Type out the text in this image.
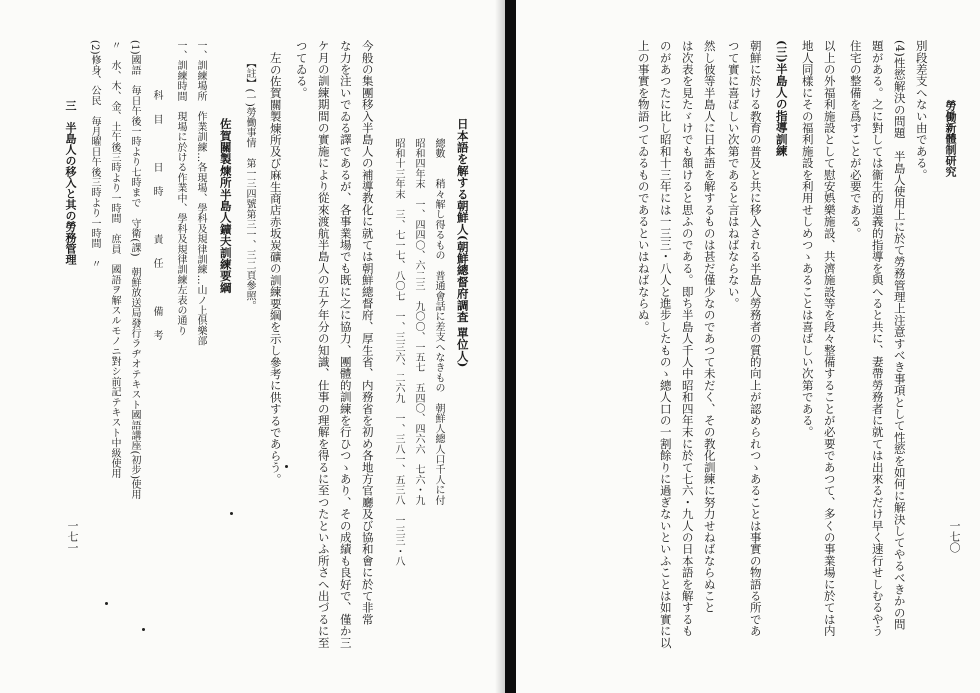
日本語を解する朝鮮人(朝鮮總督府調査 單位人)
總數　　稍々解し得るもの　普通會話に差支へなきもの　朝鮮人總人口千人に付
昭和四年末　一、四四〇、六二三　九〇〇、一五七　五四〇、四六六　七六・九
昭和十三年末　三、七一七、八〇七　一、三三六、二六九　一、三八一、五三八　一三三・八
今般の集團移入半島人の補導教化に就ては朝鮮總督府、厚生省、内務省を初め各地方官廳及び協和會に於て非常
な力を注いでゐる譯であるが、各事業場でも既に之に協力、團體的訓練を行ひつゝあり、その成績も良好で、僅か三
ケ月の訓練期間の實施により從來渡航半島人の五ケ年分の知識、仕事の理解を得るに至つたといふ所さへ出づるに至
つてゐる。
左の佐賀關製煉所及び麻生商店赤坂炭礦の訓練要綱を示し參考に供するであらう。
【註】(一)勞働事情　第一三四號第三一、三二頁參照。
佐賀關製煉所半島人鑛夫訓練要綱
一、訓練場所　作業訓練…各現場、學科及規律訓練…山ノ上倶樂部
一、訓練時間　現場に於ける作業中、學科及規律訓練左表の通り
科目　日時　責任　備考
(1)國語　毎日午後一時より七時まで　守衛(課)　朝鮮放送局發行ラヂオテキスト國語講座(初步)使用
〃　水、木、金、土午後三時より一時間　庶員　國語ヲ解スルモノニ對シ前記テキスト中級使用
(2)修身、公民　毎月曜日午後三時より一時間　〃
三　半島人の移入と其の勞務管理
一七一
勞働新體制研究
別段差支へない由である。
(4)性慾解決の問題　半島人使用上に於て勞務管理上注意すべき事項として性慾を如何に解決してやるべきかの問
題がある。之に對しては衞生的道義的指導を與へると共に、妻帶勞務者に就ては出來るだけ早く速行せしむるやう
住宅の整備を爲すことが必要である。
以上の外福利施設として慰安娯樂施設、共濟施設等を段々整備することが必要であつて、多くの事業場に於ては内
地人同樣にその福利施設を利用せしめつゝあることは喜ばしい次第である。
(三)半島人の指導訓練
朝鮮に於ける教育の普及と共に移入される半島人勞務者の質的向上が認められつゝあることは事實の物語る所であ
つて實に喜ばしい次第であると言はねばならない。
然し彼等半島人に日本語を解するものは甚だ僅少なのであつて未だく、その教化訓練に努力せねばならぬこと
は次表を見たゞけでも頷けると思ふのである。即ち半島人千人中昭和四年末に於て七六・九人の日本語を解するも
のがあつたに比し昭和十三年には一三三・八人と進步したものゝ總人口の一割餘りに過ぎないといふことは如實に以
上の事實を物語つてゐるものであるといはねばならぬ。
一七〇
